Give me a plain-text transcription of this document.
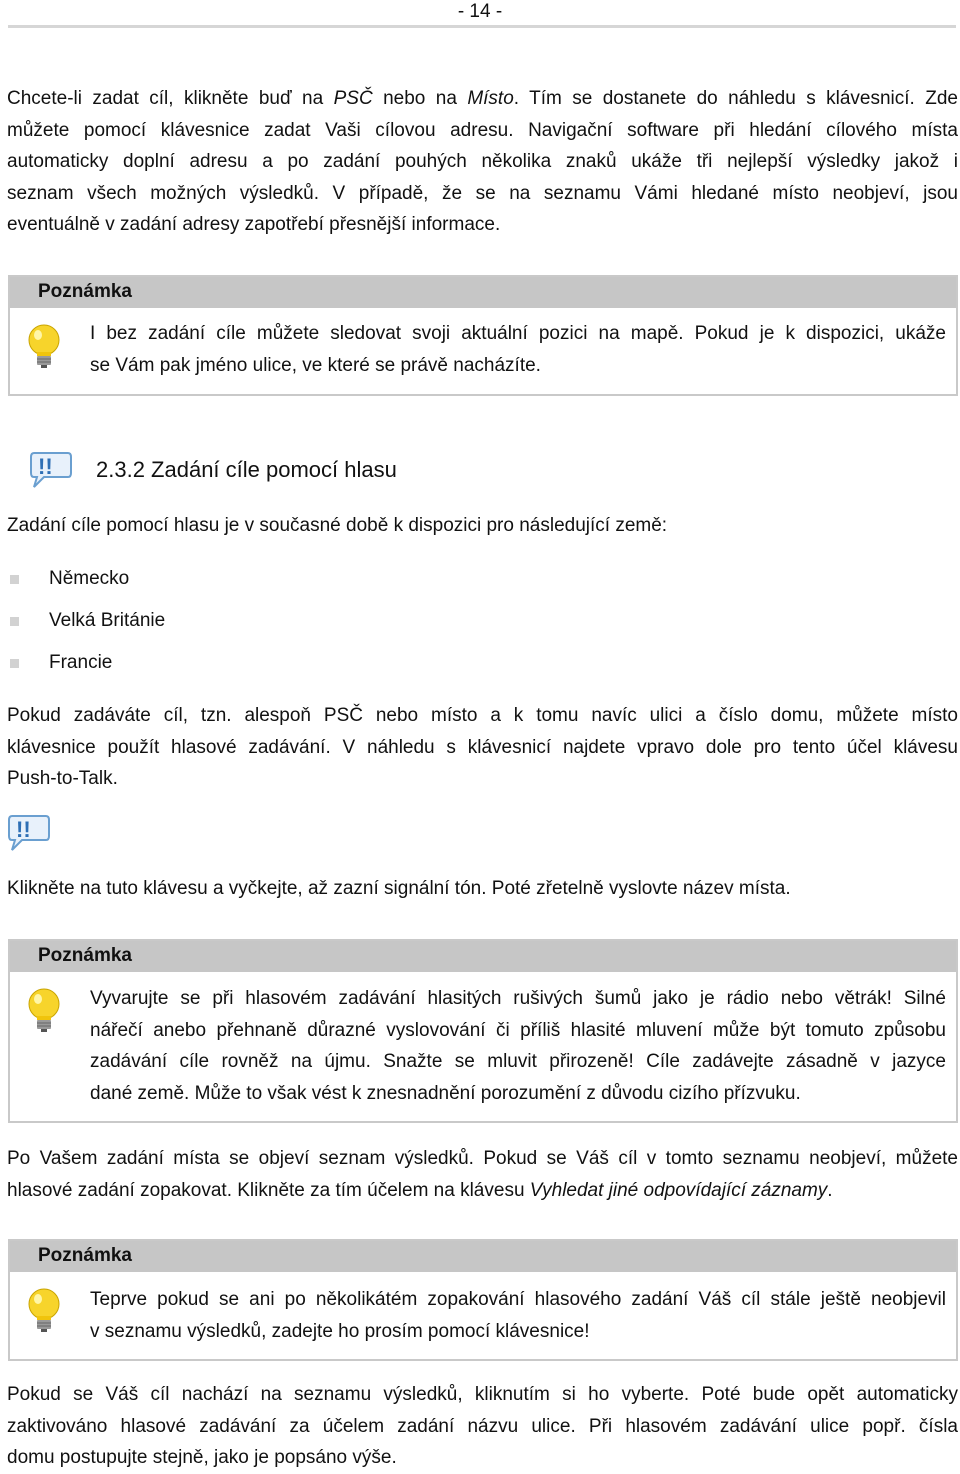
- 14 -
Chcete-li zadat cíl, klikněte buď na PSČ nebo na Místo. Tím se dostanete do náhledu s klávesnicí. Zde
můžete pomocí klávesnice zadat Vaši cílovou adresu. Navigační software při hledání cílového místa
automaticky doplní adresu a po zadání pouhých několika znaků ukáže tři nejlepší výsledky jakož i
seznam všech možných výsledků. V případě, že se na seznamu Vámi hledané místo neobjeví, jsou
eventuálně v zadání adresy zapotřebí přesnější informace.
Poznámka
I bez zadání cíle můžete sledovat svoji aktuální pozici na mapě. Pokud je k dispozici, ukáže
se Vám pak jméno ulice, ve které se právě nacházíte.
!! 2.3.2 Zadání cíle pomocí hlasu
Zadání cíle pomocí hlasu je v současné době k dispozici pro následující země:
Německo
Velká Británie
Francie
Pokud zadáváte cíl, tzn. alespoň PSČ nebo místo a k tomu navíc ulici a číslo domu, můžete místo
klávesnice použít hlasové zadávání. V náhledu s klávesnicí najdete vpravo dole pro tento účel klávesu
Push-to-Talk.
!!
Klikněte na tuto klávesu a vyčkejte, až zazní signální tón. Poté zřetelně vyslovte název místa.
Poznámka
Vyvarujte se při hlasovém zadávání hlasitých rušivých šumů jako je rádio nebo větrák! Silné
nářečí anebo přehnaně důrazné vyslovování či příliš hlasité mluvení může být tomuto způsobu
zadávání cíle rovněž na újmu. Snažte se mluvit přirozeně! Cíle zadávejte zásadně v jazyce
dané země. Může to však vést k znesnadnění porozumění z důvodu cizího přízvuku.
Po Vašem zadání místa se objeví seznam výsledků. Pokud se Váš cíl v tomto seznamu neobjeví, můžete
hlasové zadání zopakovat. Klikněte za tím účelem na klávesu Vyhledat jiné odpovídající záznamy.
Poznámka
Teprve pokud se ani po několikátém zopakování hlasového zadání Váš cíl stále ještě neobjevil
v seznamu výsledků, zadejte ho prosím pomocí klávesnice!
Pokud se Váš cíl nachází na seznamu výsledků, kliknutím si ho vyberte. Poté bude opět automaticky
zaktivováno hlasové zadávání za účelem zadání názvu ulice. Při hlasovém zadávání ulice popř. čísla
domu postupujte stejně, jako je popsáno výše.
